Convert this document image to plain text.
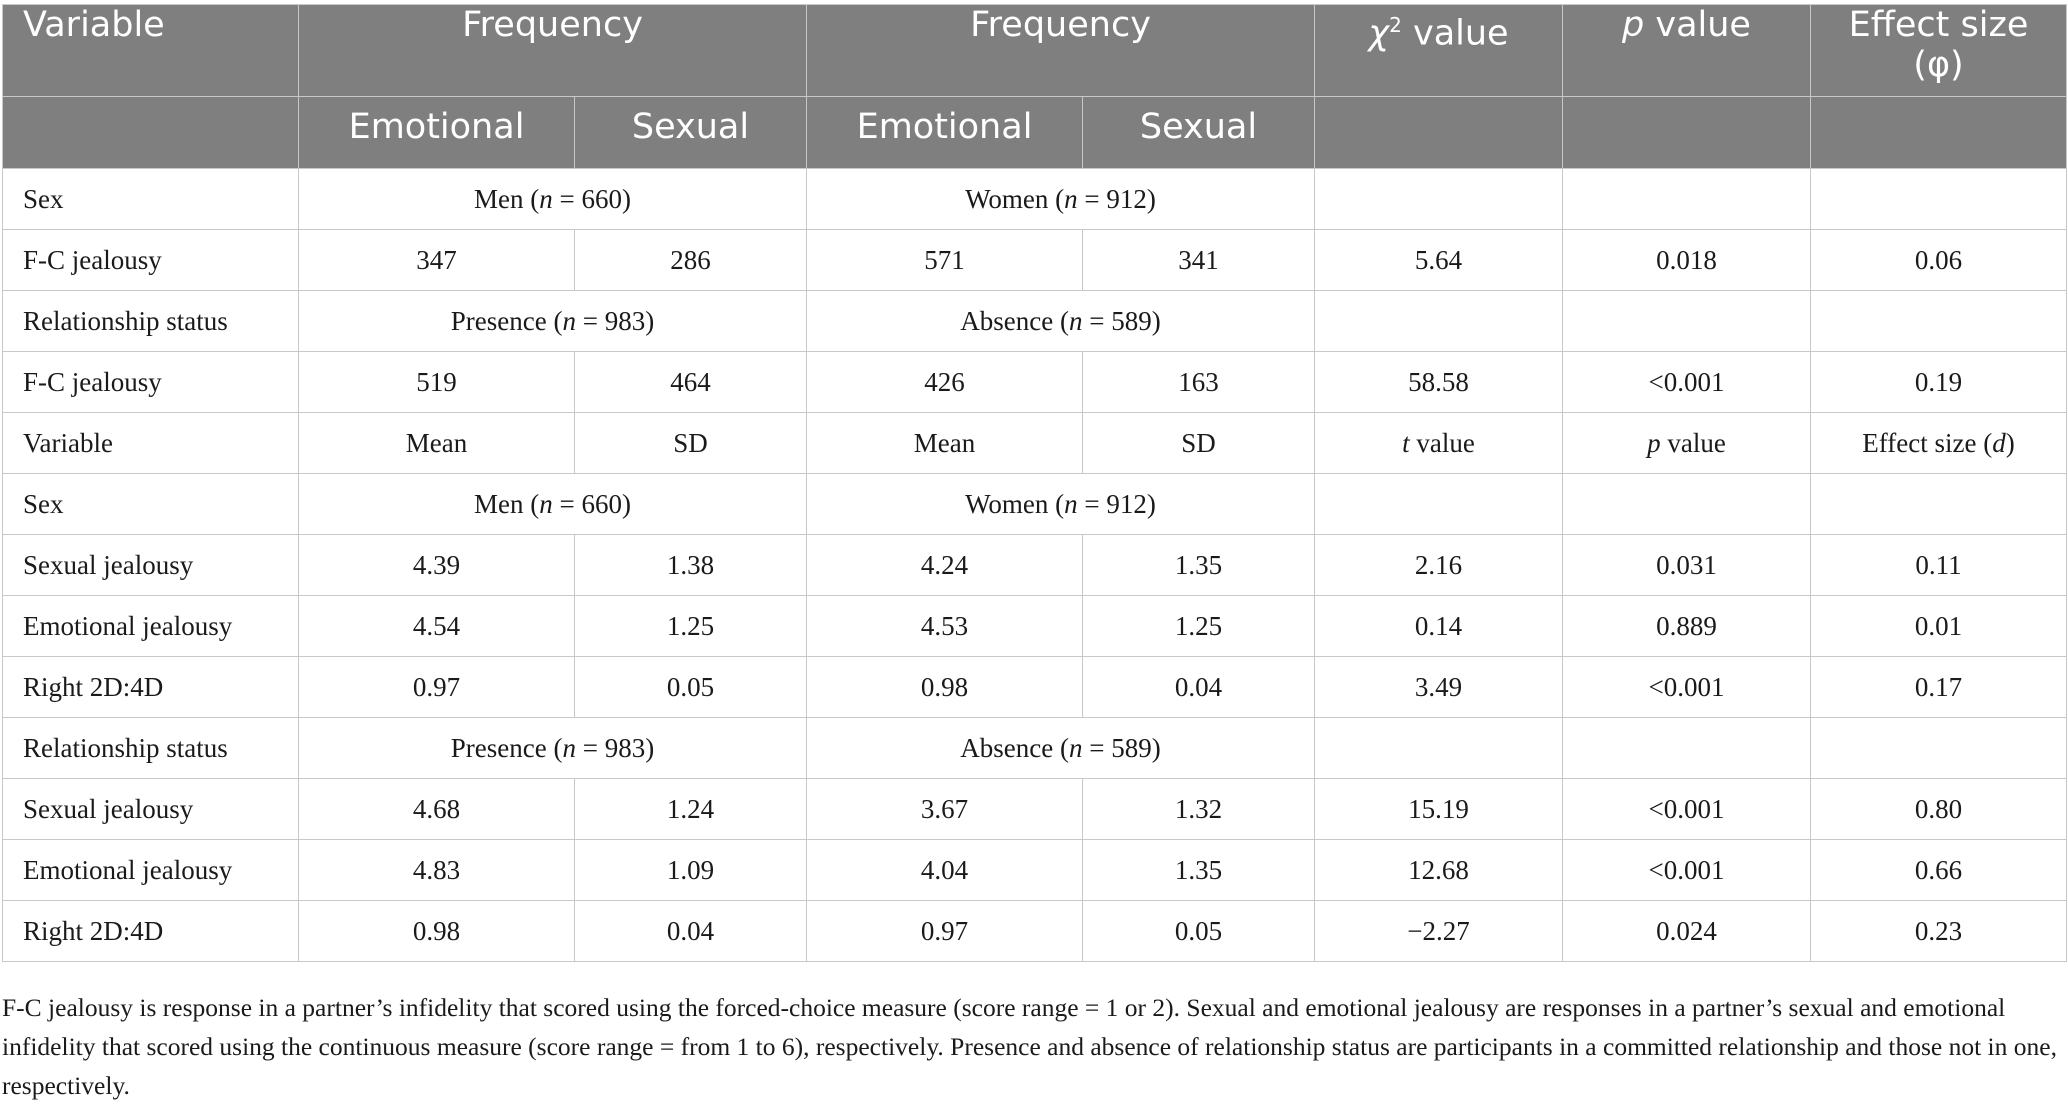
Variable	Frequency		Frequency		$\chi^2$ value	p value	Effect size
(φ)
	Emotional	Sexual	Emotional	Sexual			
Sex	Men (n = 660)		Women (n = 912)				
F-C jealousy	347	286	571	341	5.64	0.018	0.06
Relationship status	Presence (n = 983)		Absence (n = 589)				
F-C jealousy	519	464	426	163	58.58	<0.001	0.19
Variable	Mean	SD	Mean	SD	t value	p value	Effect size (d)
Sex	Men (n = 660)		Women (n = 912)				
Sexual jealousy	4.39	1.38	4.24	1.35	2.16	0.031	0.11
Emotional jealousy	4.54	1.25	4.53	1.25	0.14	0.889	0.01
Right 2D:4D	0.97	0.05	0.98	0.04	3.49	<0.001	0.17
Relationship status	Presence (n = 983)		Absence (n = 589)				
Sexual jealousy	4.68	1.24	3.67	1.32	15.19	<0.001	0.80
Emotional jealousy	4.83	1.09	4.04	1.35	12.68	<0.001	0.66
Right 2D:4D	0.98	0.04	0.97	0.05	−2.27	0.024	0.23
F-C jealousy is response in a partner’s infidelity that scored using the forced-choice measure (score range = 1 or 2). Sexual and emotional jealousy are responses in a partner’s sexual and emotional infidelity that scored using the continuous measure (score range = from 1 to 6), respectively. Presence and absence of relationship status are participants in a committed relationship and those not in one, respectively.
